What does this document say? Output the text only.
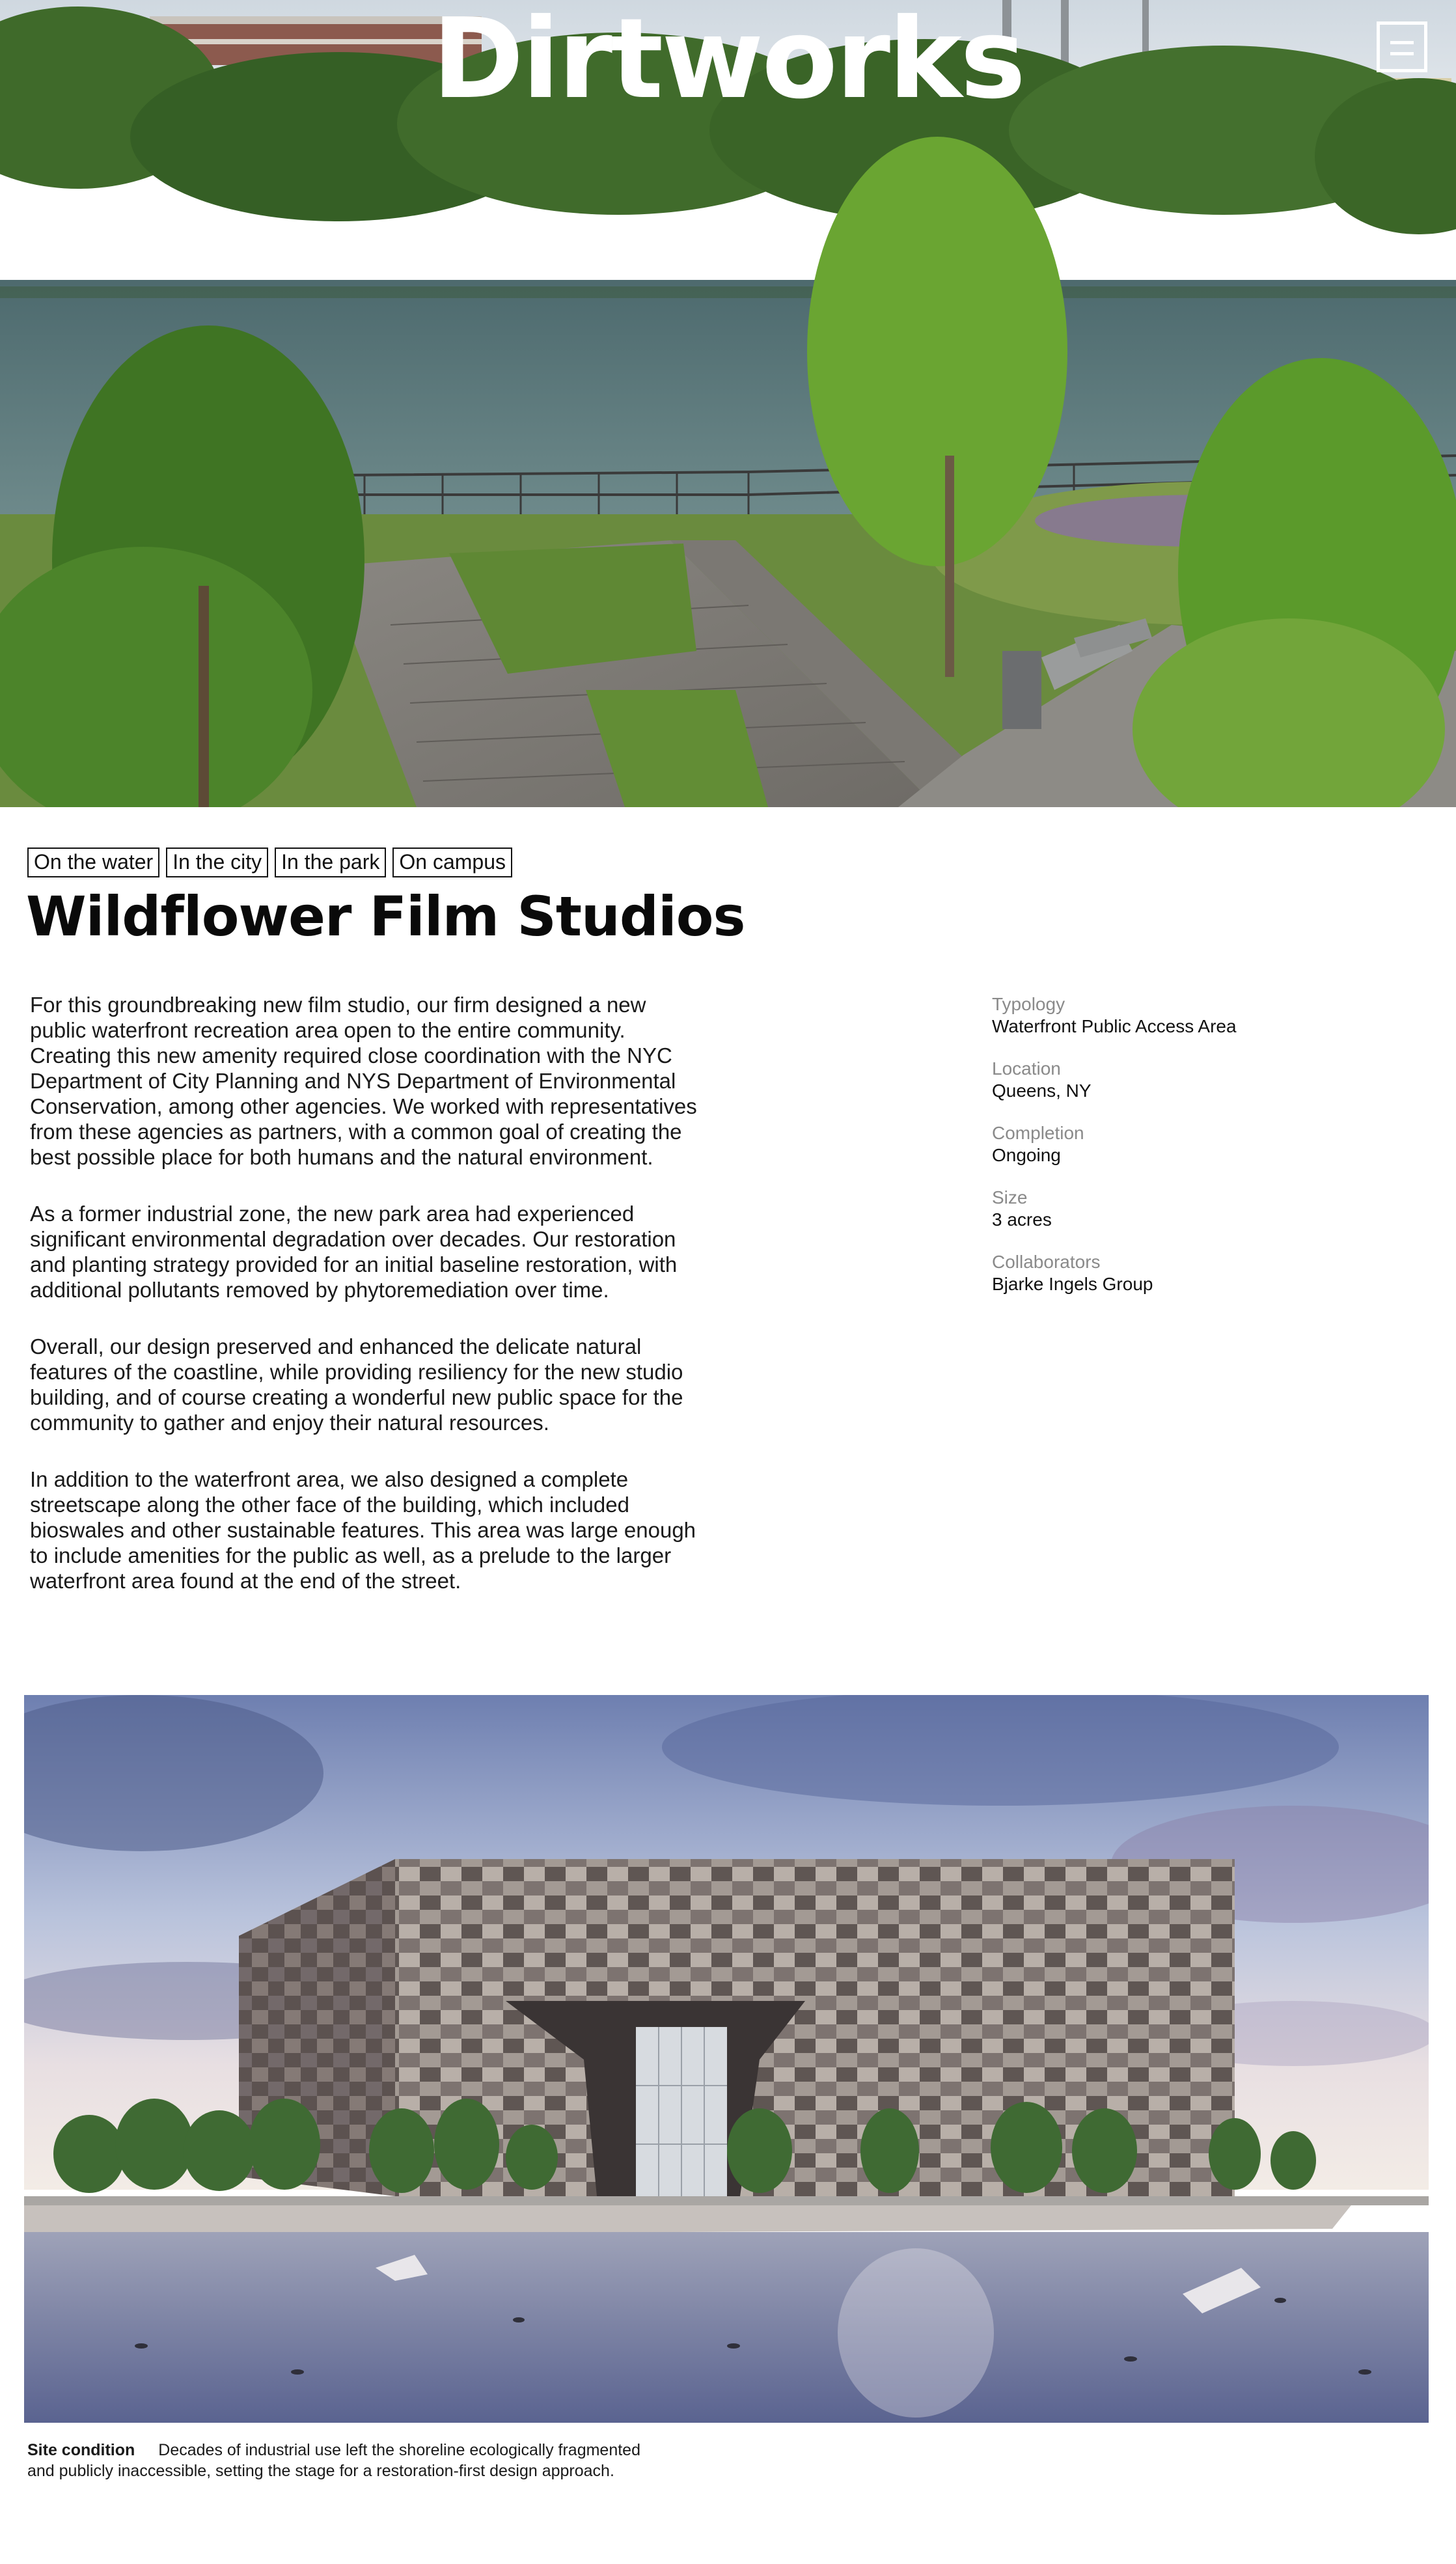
Dirtworks
On the water In the city In the park On campus
Wildflower Film Studios

For this groundbreaking new film studio, our firm designed a new public waterfront recreation area open to the entire community. Creating this new amenity required close coordination with the NYC Department of City Planning and NYS Department of Environmental Conservation, among other agencies. We worked with representatives from these agencies as partners, with a common goal of creating the best possible place for both humans and the natural environment.

As a former industrial zone, the new park area had experienced significant environmental degradation over decades. Our restoration and planting strategy provided for an initial baseline restoration, with additional pollutants removed by phytoremediation over time.

Overall, our design preserved and enhanced the delicate natural features of the coastline, while providing resiliency for the new studio building, and of course creating a wonderful new public space for the community to gather and enjoy their natural resources.

In addition to the waterfront area, we also designed a complete streetscape along the other face of the building, which included bioswales and other sustainable features. This area was large enough to include amenities for the public as well, as a prelude to the larger waterfront area found at the end of the street.

Typology
Waterfront Public Access Area
Location
Queens, NY
Completion
Ongoing
Size
3 acres
Collaborators
Bjarke Ingels Group
Site condition Decades of industrial use left the shoreline ecologically fragmented and publicly inaccessible, setting the stage for a restoration-first design approach.
